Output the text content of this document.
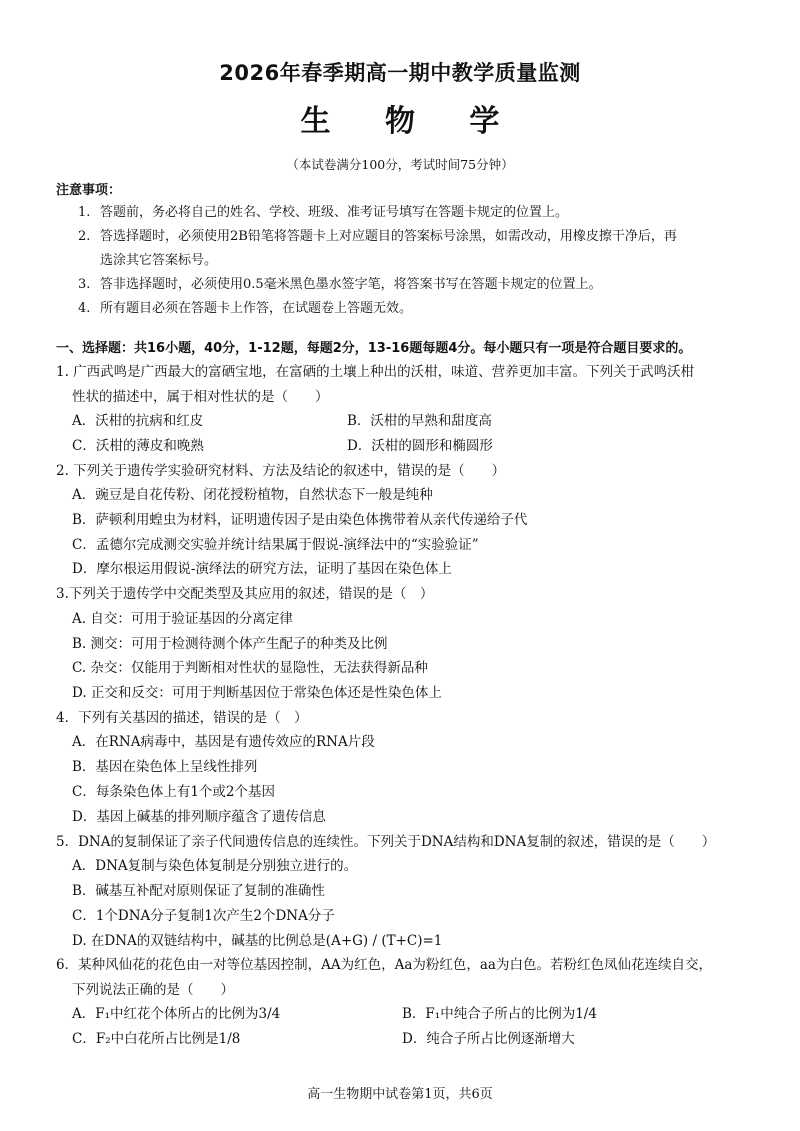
2026年春季期高一期中教学质量监测
生 物 学
（本试卷满分100分，考试时间75分钟）
注意事项：
1. 答题前，务必将自己的姓名、学校、班级、准考证号填写在答题卡规定的位置上。
2. 答选择题时，必须使用2B铅笔将答题卡上对应题目的答案标号涂黑，如需改动，用橡皮擦干净后，再
选涂其它答案标号。
3. 答非选择题时，必须使用0.5毫米黑色墨水签字笔，将答案书写在答题卡规定的位置上。
4. 所有题目必须在答题卡上作答，在试题卷上答题无效。
一、选择题：共16小题，40分，1-12题，每题2分，13-16题每题4分。每小题只有一项是符合题目要求的。
1. 广西武鸣是广西最大的富硒宝地，在富硒的土壤上种出的沃柑，味道、营养更加丰富。下列关于武鸣沃柑
性状的描述中，属于相对性状的是（　　）
A．沃柑的抗病和红皮	B．沃柑的早熟和甜度高
C．沃柑的薄皮和晚熟	D．沃柑的圆形和椭圆形
2. 下列关于遗传学实验研究材料、方法及结论的叙述中，错误的是（　　）
A．豌豆是自花传粉、闭花授粉植物，自然状态下一般是纯种
B．萨顿利用蝗虫为材料，证明遗传因子是由染色体携带着从亲代传递给子代
C．孟德尔完成测交实验并统计结果属于假说-演绎法中的“实验验证”
D．摩尔根运用假说-演绎法的研究方法，证明了基因在染色体上
3.下列关于遗传学中交配类型及其应用的叙述，错误的是（　）
A. 自交：可用于验证基因的分离定律
B. 测交：可用于检测待测个体产生配子的种类及比例
C. 杂交：仅能用于判断相对性状的显隐性，无法获得新品种
D. 正交和反交：可用于判断基因位于常染色体还是性染色体上
4．下列有关基因的描述，错误的是（　）
A．在RNA病毒中，基因是有遗传效应的RNA片段
B．基因在染色体上呈线性排列
C．每条染色体上有1个或2个基因
D．基因上碱基的排列顺序蕴含了遗传信息
5．DNA的复制保证了亲子代间遗传信息的连续性。下列关于DNA结构和DNA复制的叙述，错误的是（　　）
A．DNA复制与染色体复制是分别独立进行的。
B．碱基互补配对原则保证了复制的准确性
C．1个DNA分子复制1次产生2个DNA分子
D. 在DNA的双链结构中，碱基的比例总是(A+G) / (T+C)=1
6．某种风仙花的花色由一对等位基因控制，AA为红色，Aa为粉红色，aa为白色。若粉红色凤仙花连续自交，
下列说法正确的是（　　）
A．F₁中红花个体所占的比例为3/4	B．F₁中纯合子所占的比例为1/4
C．F₂中白花所占比例是1/8	D．纯合子所占比例逐渐增大
高一生物期中试卷第1页，共6页
